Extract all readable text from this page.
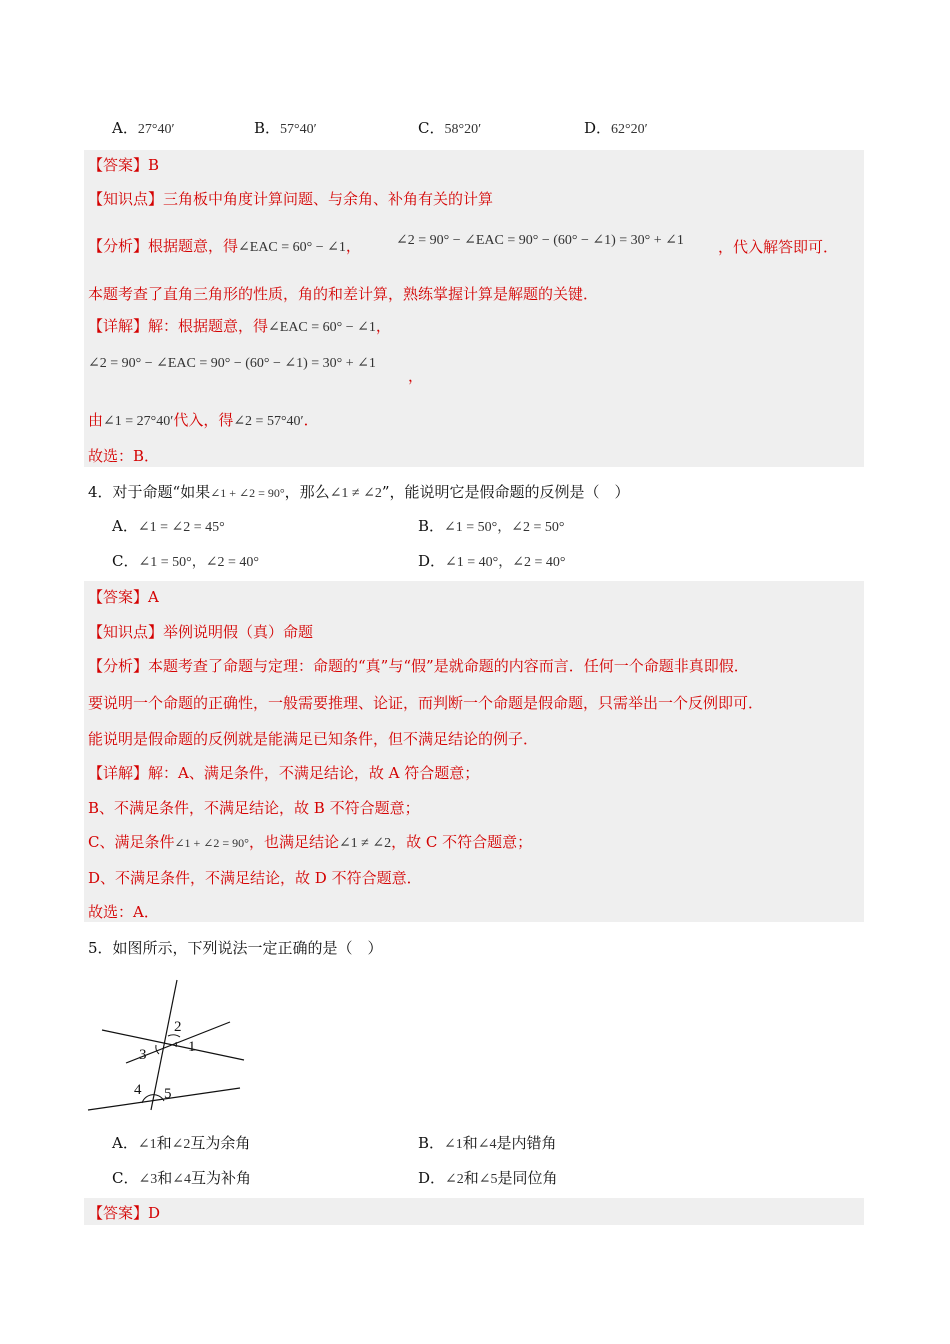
A．27°40′	B．57°40′	C．58°20′	D．62°20′
【答案】B
【知识点】三角板中角度计算问题、与余角、补角有关的计算
【分析】根据题意，得∠EAC = 60° − ∠1，	∠2 = 90° − ∠EAC = 90° − (60° − ∠1) = 30° + ∠1 ，代入解答即可．
本题考查了直角三角形的性质，角的和差计算，熟练掌握计算是解题的关键．
【详解】解：根据题意，得∠EAC = 60° − ∠1，
∠2 = 90° − ∠EAC = 90° − (60° − ∠1) = 30° + ∠1
，
由∠1 = 27°40′代入，得∠2 = 57°40′．
故选：B．
4．对于命题“如果∠1 + ∠2 = 90°，那么∠1 ≠ ∠2”，能说明它是假命题的反例是（　）
A．∠1 = ∠2 = 45°	B．∠1 = 50°，∠2 = 50°
C．∠1 = 50°，∠2 = 40°	D．∠1 = 40°，∠2 = 40°
【答案】A
【知识点】举例说明假（真）命题
【分析】本题考查了命题与定理：命题的“真”与“假”是就命题的内容而言．任何一个命题非真即假．
要说明一个命题的正确性，一般需要推理、论证，而判断一个命题是假命题，只需举出一个反例即可．
能说明是假命题的反例就是能满足已知条件，但不满足结论的例子．
【详解】解：A、满足条件，不满足结论，故 A 符合题意；
B、不满足条件，不满足结论，故 B 不符合题意；
C、满足条件∠1 + ∠2 = 90°，也满足结论∠1 ≠ ∠2，故 C 不符合题意；
D、不满足条件，不满足结论，故 D 不符合题意．
故选：A．
5．如图所示，下列说法一定正确的是（　）
1
2
3
4 5
A．∠1和∠2互为余角	B．∠1和∠4是内错角
C．∠3和∠4互为补角	D．∠2和∠5是同位角
【答案】D
